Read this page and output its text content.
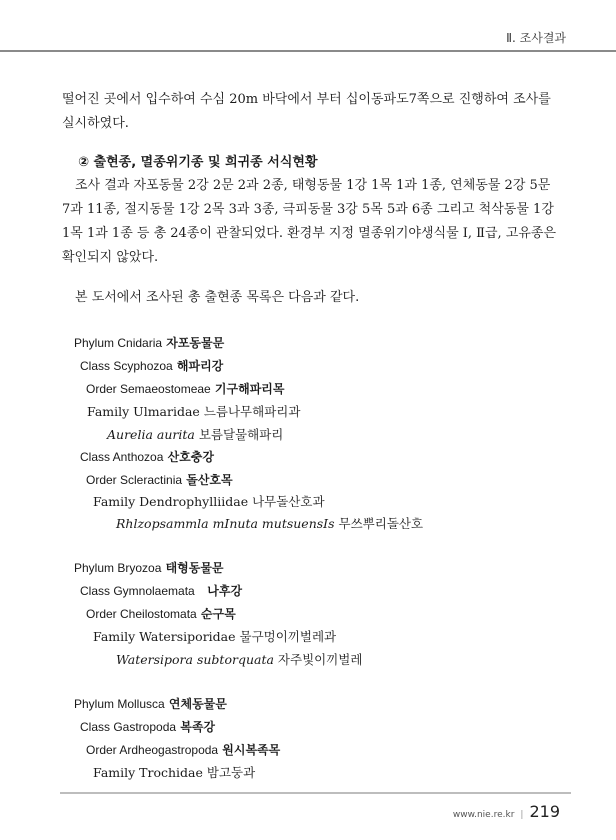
Ⅱ. 조사결과

떨어진 곳에서 입수하여 수심 20m 바닥에서 부터 십이동파도7쪽으로 진행하여 조사를 실시하였다.

② 출현종, 멸종위기종 및 희귀종 서식현황

　조사 결과 자포동물 2강 2문 2과 2종, 태형동물 1강 1목 1과 1종, 연체동물 2강 5문 7과 11종, 절지동물 1강 2목 3과 3종, 극피동물 3강 5목 5과 6종 그리고 척삭동물 1강 1목 1과 1종 등 총 24종이 관찰되었다. 환경부 지정 멸종위기야생식물 Ⅰ, Ⅱ급, 고유종은 확인되지 않았다.

　본 도서에서 조사된 총 출현종 목록은 다음과 같다.

Phylum Cnidaria 자포동물문
Class Scyphozoa 해파리강
Order Semaeostomeae 기구해파리목
Family Ulmaridae 느름나무해파리과
Aurelia aurita 보름달물해파리
Class Anthozoa 산호충강
Order Scleractinia 돌산호목
Family Dendrophylliidae 나무돌산호과
Rhlzopsammla mInuta mutsuensIs 무쓰뿌리돌산호
Phylum Bryozoa 태형동물문
Class Gymnolaemata 나후강
Order Cheilostomata 순구목
Family Watersiporidae 물구멍이끼벌레과
Watersipora subtorquata 자주빛이끼벌레
Phylum Mollusca 연체동물문
Class Gastropoda 복족강
Order Ardheogastropoda 원시복족목
Family Trochidae 밤고둥과
www.nie.re.kr | 219
